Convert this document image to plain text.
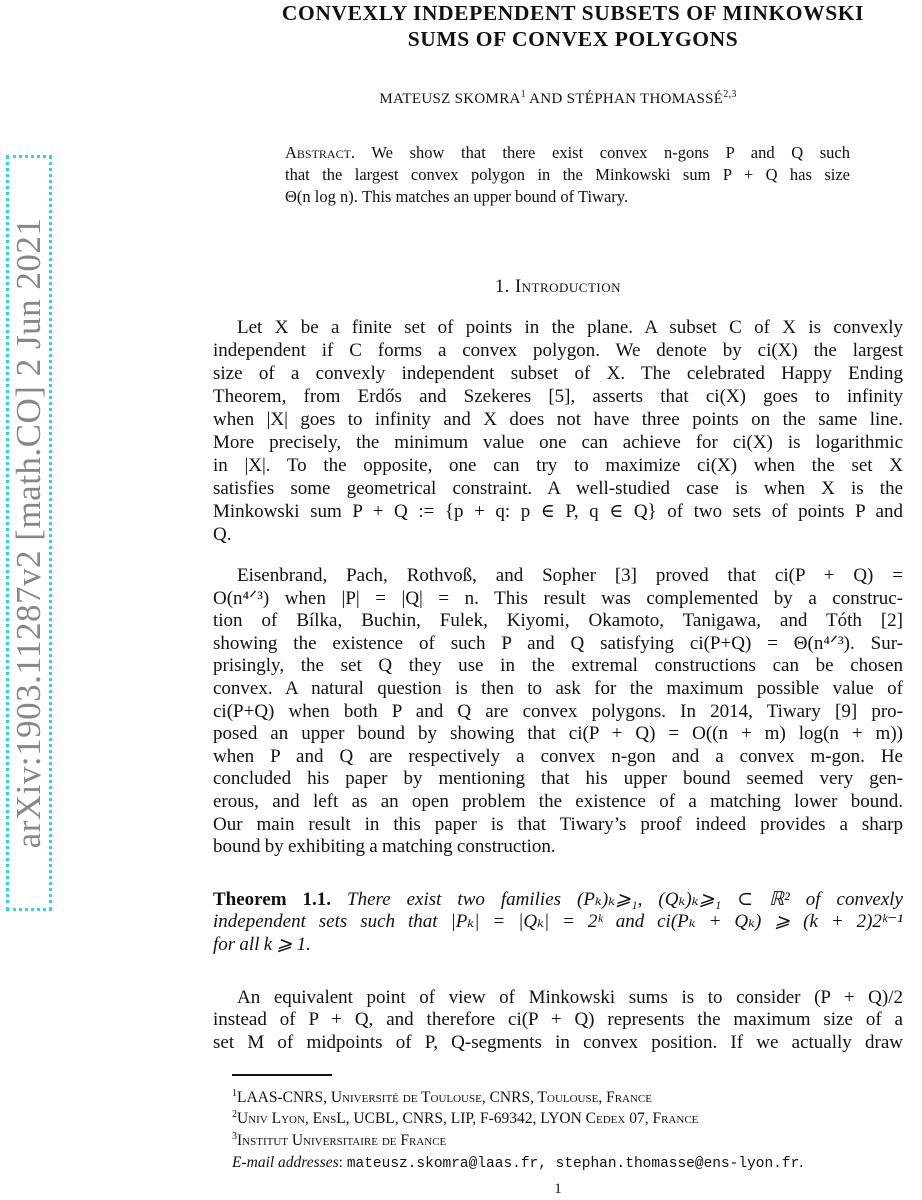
arXiv:1903.11287v2 [math.CO] 2 Jun 2021
CONVEXLY INDEPENDENT SUBSETS OF MINKOWSKI
SUMS OF CONVEX POLYGONS
MATEUSZ SKOMRA$^1$ AND STÉPHAN THOMASSÉ$^{2,3}$
Abstract. We show that there exist convex n-gons P and Q such
that the largest convex polygon in the Minkowski sum P + Q has size
Θ(n log n). This matches an upper bound of Tiwary.
1. Introduction
Let X be a finite set of points in the plane. A subset C of X is convexly
independent if C forms a convex polygon. We denote by ci(X) the largest
size of a convexly independent subset of X. The celebrated Happy Ending
Theorem, from Erdős and Szekeres [5], asserts that ci(X) goes to infinity
when |X| goes to infinity and X does not have three points on the same line.
More precisely, the minimum value one can achieve for ci(X) is logarithmic
in |X|. To the opposite, one can try to maximize ci(X) when the set X
satisfies some geometrical constraint. A well-studied case is when X is the
Minkowski sum P + Q := {p + q: p ∈ P, q ∈ Q} of two sets of points P and
Q.
Eisenbrand, Pach, Rothvoß, and Sopher [3] proved that ci(P + Q) =
O(n⁴ᐟ³) when |P| = |Q| = n. This result was complemented by a construc-
tion of Bílka, Buchin, Fulek, Kiyomi, Okamoto, Tanigawa, and Tóth [2]
showing the existence of such P and Q satisfying ci(P+Q) = Θ(n⁴ᐟ³). Sur-
prisingly, the set Q they use in the extremal constructions can be chosen
convex. A natural question is then to ask for the maximum possible value of
ci(P+Q) when both P and Q are convex polygons. In 2014, Tiwary [9] pro-
posed an upper bound by showing that ci(P + Q) = O((n + m) log(n + m))
when P and Q are respectively a convex n-gon and a convex m-gon. He
concluded his paper by mentioning that his upper bound seemed very gen-
erous, and left as an open problem the existence of a matching lower bound.
Our main result in this paper is that Tiwary’s proof indeed provides a sharp
bound by exhibiting a matching construction.
Theorem 1.1. There exist two families (Pₖ)ₖ⩾₁, (Qₖ)ₖ⩾₁ ⊂ ℝ² of convexly
independent sets such that |Pₖ| = |Qₖ| = 2ᵏ and ci(Pₖ + Qₖ) ⩾ (k + 2)2ᵏ⁻¹
for all k ⩾ 1.
An equivalent point of view of Minkowski sums is to consider (P + Q)/2
instead of P + Q, and therefore ci(P + Q) represents the maximum size of a
set M of midpoints of P, Q-segments in convex position. If we actually draw
$^1$LAAS-CNRS, Université de Toulouse, CNRS, Toulouse, France
$^2$Univ Lyon, EnsL, UCBL, CNRS, LIP, F-69342, LYON Cedex 07, France
$^3$Institut Universitaire de France
E-mail addresses: mateusz.skomra@laas.fr, stephan.thomasse@ens-lyon.fr.
1
